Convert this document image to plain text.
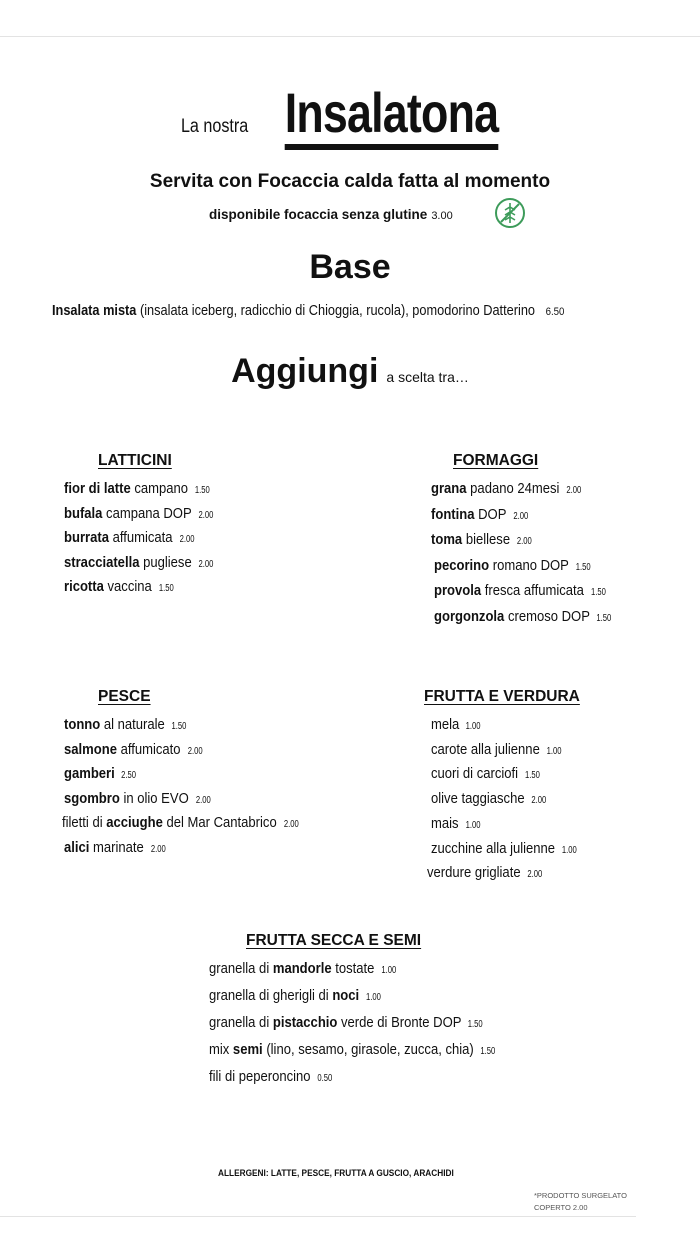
La nostra Insalatona
Servita con Focaccia calda fatta al momento
disponibile focaccia senza glutine 3.00
Base
Insalata mista (insalata iceberg, radicchio di Chioggia, rucola), pomodorino Datterino 6.50
Aggiungi a scelta tra…
LATTICINI
fior di latte campano 1.50
bufala campana DOP 2.00
burrata affumicata 2.00
stracciatella pugliese 2.00
ricotta vaccina 1.50
FORMAGGI
grana padano 24mesi 2.00
fontina DOP 2.00
toma biellese 2.00
pecorino romano DOP 1.50
provola fresca affumicata 1.50
gorgonzola cremoso DOP 1.50
PESCE
tonno al naturale 1.50
salmone affumicato 2.00
gamberi 2.50
sgombro in olio EVO 2.00
filetti di acciughe del Mar Cantabrico 2.00
alici marinate 2.00
FRUTTA E VERDURA
mela 1.00
carote alla julienne 1.00
cuori di carciofi 1.50
olive taggiasche 2.00
mais 1.00
zucchine alla julienne 1.00
verdure grigliate 2.00
FRUTTA SECCA E SEMI
granella di mandorle tostate 1.00
granella di gherigli di noci 1.00
granella di pistacchio verde di Bronte DOP 1.50
mix semi (lino, sesamo, girasole, zucca, chia) 1.50
fili di peperoncino 0.50
ALLERGENI: LATTE, PESCE, FRUTTA A GUSCIO, ARACHIDI
*PRODOTTO SURGELATO
COPERTO 2.00
